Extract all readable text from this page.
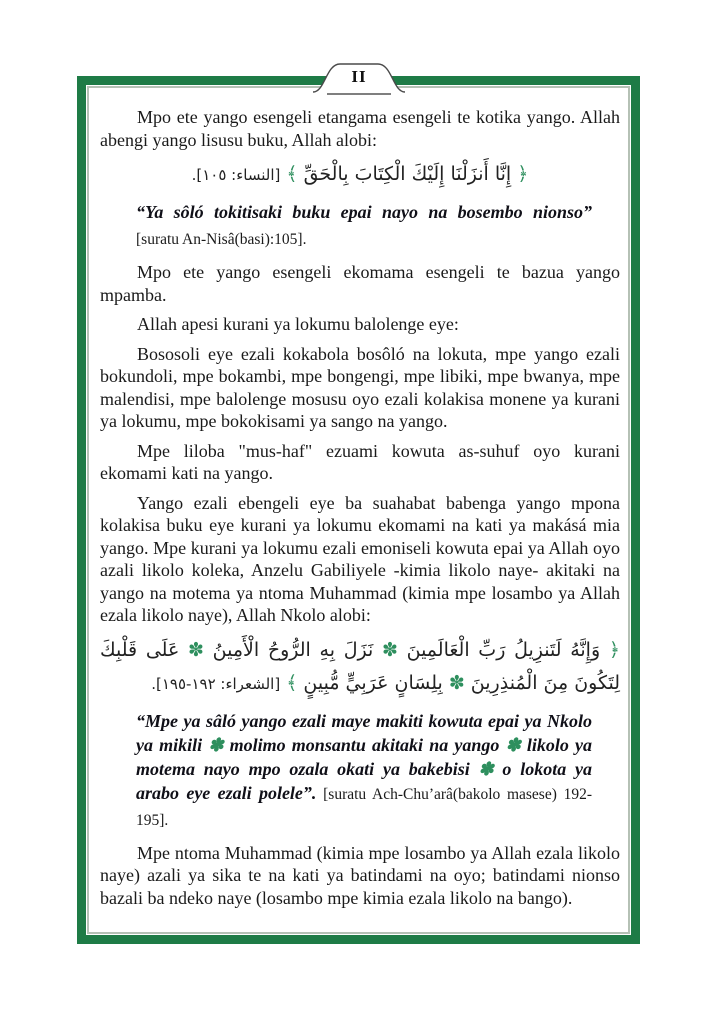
II

Mpo ete yango esengeli etangama esengeli te kotika yango. Allah abengi yango lisusu buku, Allah alobi:

﴿ إِنَّا أَنزَلْنَا إِلَيْكَ الْكِتَابَ بِالْحَقِّ ﴾ [النساء: ١٠٥].
“Ya sôló tokitisaki buku epai nayo na bosembo nionso” [suratu An-Nisâ(basi):105].

Mpo ete yango esengeli ekomama esengeli te bazua yango mpamba.

Allah apesi kurani ya lokumu balolenge eye:

Bososoli eye ezali kokabola bosôló na lokuta, mpe yango ezali bokundoli, mpe bokambi, mpe bongengi, mpe libiki, mpe bwanya, mpe malendisi, mpe balolenge mosusu oyo ezali kolakisa monene ya kurani ya lokumu, mpe bokokisami ya sango na yango.

Mpe liloba "mus-haf" ezuami kowuta as-suhuf oyo kurani ekomami kati na yango.

Yango ezali ebengeli eye ba suahabat babenga yango mpona kolakisa buku eye kurani ya lokumu ekomami na kati ya makásá mia yango. Mpe kurani ya lokumu ezali emoniseli kowuta epai ya Allah oyo azali likolo koleka, Anzelu Gabiliyele -kimia likolo naye- akitaki na yango na motema ya ntoma Muhammad (kimia mpe losambo ya Allah ezala likolo naye), Allah Nkolo alobi:

﴿ وَإِنَّهُ لَتَنزِيلُ رَبِّ الْعَالَمِينَ ✽ نَزَلَ بِهِ الرُّوحُ الْأَمِينُ ✽ عَلَى قَلْبِكَ لِتَكُونَ مِنَ الْمُنذِرِينَ ✽ بِلِسَانٍ عَرَبِيٍّ مُّبِينٍ ﴾ [الشعراء: ١٩٢-١٩٥].
“Mpe ya sâló yango ezali maye makiti kowuta epai ya Nkolo ya mikili ✽ molimo monsantu akitaki na yango ✽ likolo ya motema nayo mpo ozala okati ya bakebisi ✽ o lokota ya arabo eye ezali polele”. [suratu Ach-Chu’arâ(bakolo masese) 192-195].

Mpe ntoma Muhammad (kimia mpe losambo ya Allah ezala likolo naye) azali ya sika te na kati ya batindami na oyo; batindami nionso bazali ba ndeko naye (losambo mpe kimia ezala likolo na bango).
